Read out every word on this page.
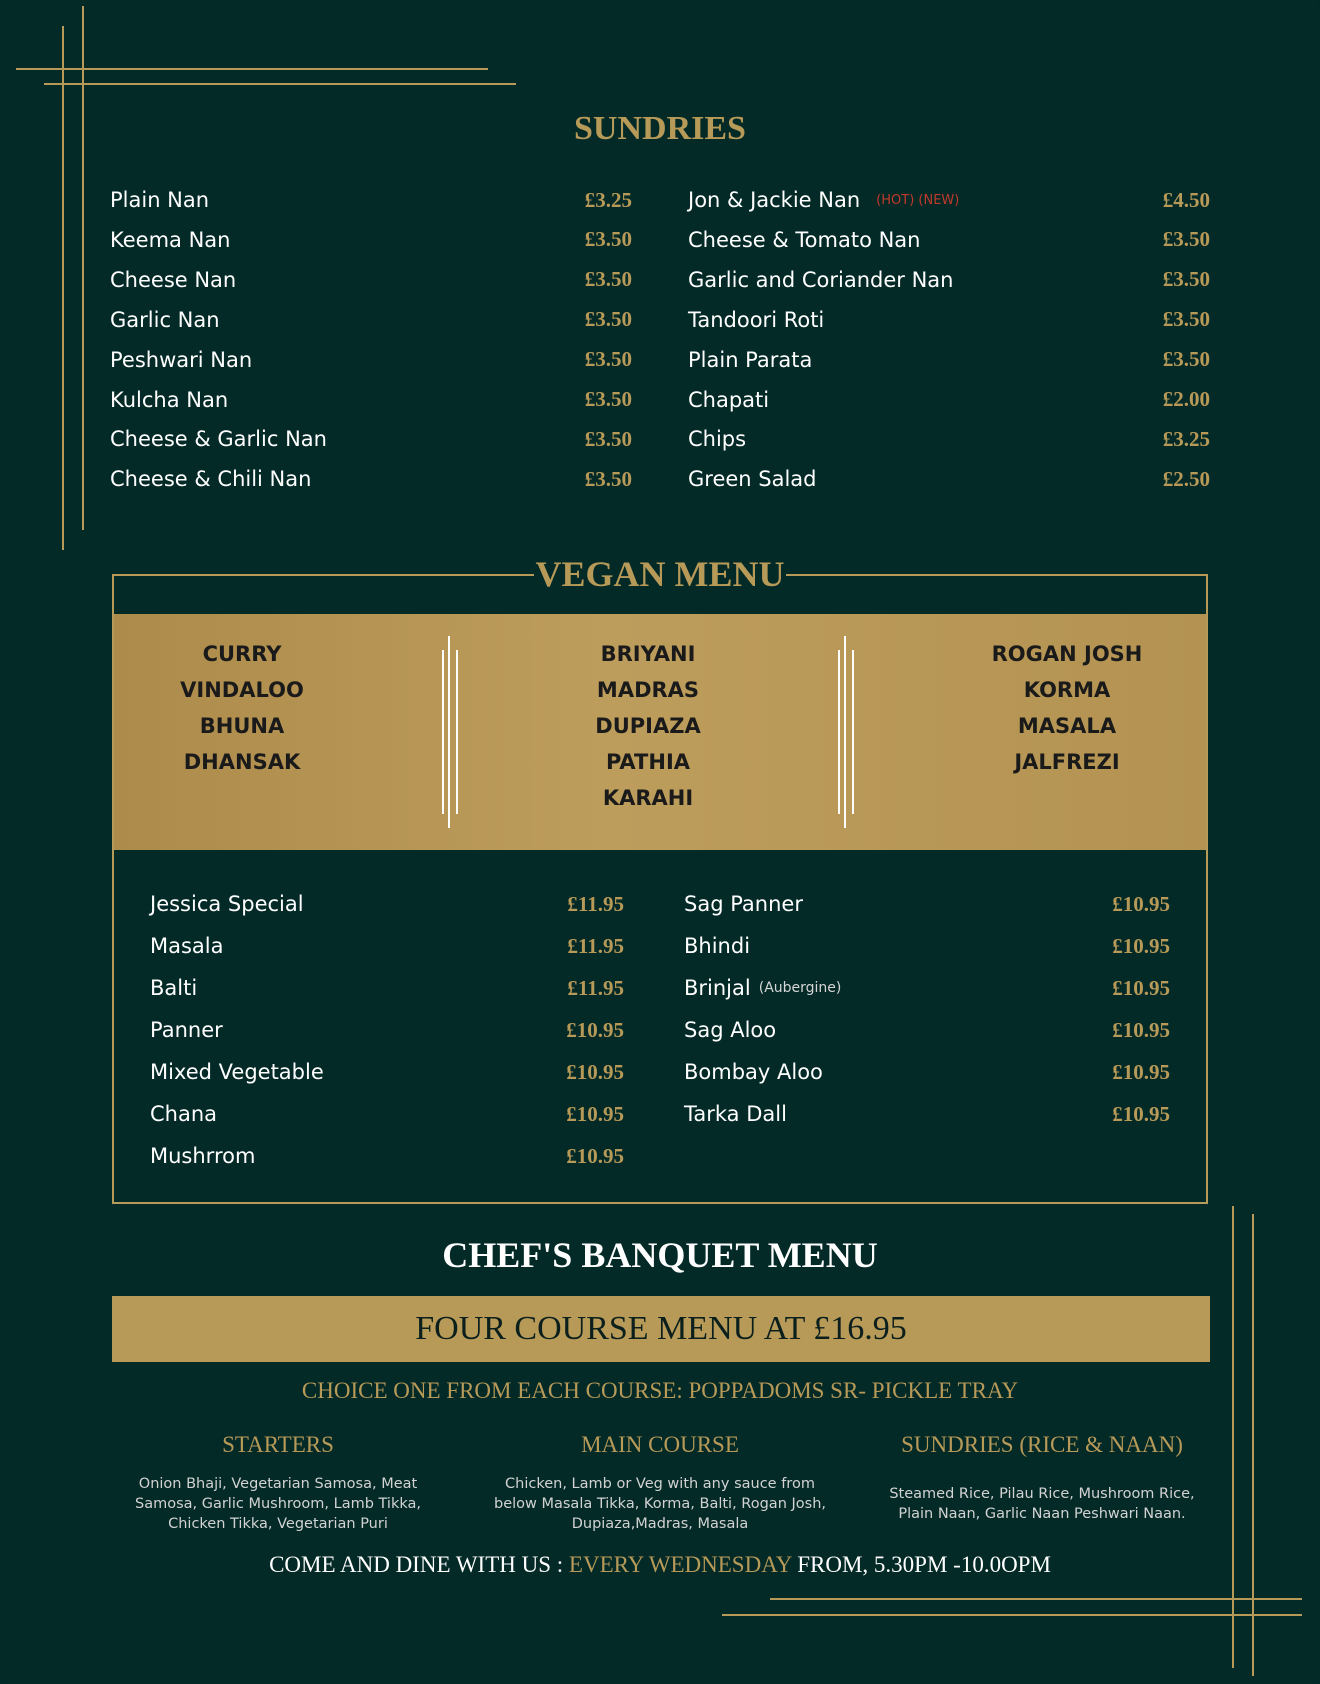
SUNDRIES
Plain Nan	£3.25
Keema Nan	£3.50
Cheese Nan	£3.50
Garlic Nan	£3.50
Peshwari Nan	£3.50
Kulcha Nan	£3.50
Cheese & Garlic Nan	£3.50
Cheese & Chili Nan	£3.50
Jon & Jackie Nan (HOT) (NEW)	£4.50
Cheese & Tomato Nan	£3.50
Garlic and Coriander Nan	£3.50
Tandoori Roti	£3.50
Plain Parata	£3.50
Chapati	£2.00
Chips	£3.25
Green Salad	£2.50
VEGAN MENU
CURRY
VINDALOO
BHUNA
DHANSAK
BRIYANI
MADRAS
DUPIAZA
PATHIA
KARAHI
ROGAN JOSH
KORMA
MASALA
JALFREZI
Jessica Special	£11.95
Masala	£11.95
Balti	£11.95
Panner	£10.95
Mixed Vegetable	£10.95
Chana	£10.95
Mushrrom	£10.95
Sag Panner	£10.95
Bhindi	£10.95
Brinjal (Aubergine)	£10.95
Sag Aloo	£10.95
Bombay Aloo	£10.95
Tarka Dall	£10.95
CHEF'S BANQUET MENU
FOUR COURSE MENU AT £16.95
CHOICE ONE FROM EACH COURSE: POPPADOMS SR- PICKLE TRAY
STARTERS
Onion Bhaji, Vegetarian Samosa, Meat Samosa, Garlic Mushroom, Lamb Tikka, Chicken Tikka, Vegetarian Puri
MAIN COURSE
Chicken, Lamb or Veg with any sauce from below Masala Tikka, Korma, Balti, Rogan Josh, Dupiaza,Madras, Masala
SUNDRIES (RICE & NAAN)
Steamed Rice, Pilau Rice, Mushroom Rice, Plain Naan, Garlic Naan Peshwari Naan.
COME AND DINE WITH US : EVERY WEDNESDAY FROM, 5.30PM -10.0OPM
